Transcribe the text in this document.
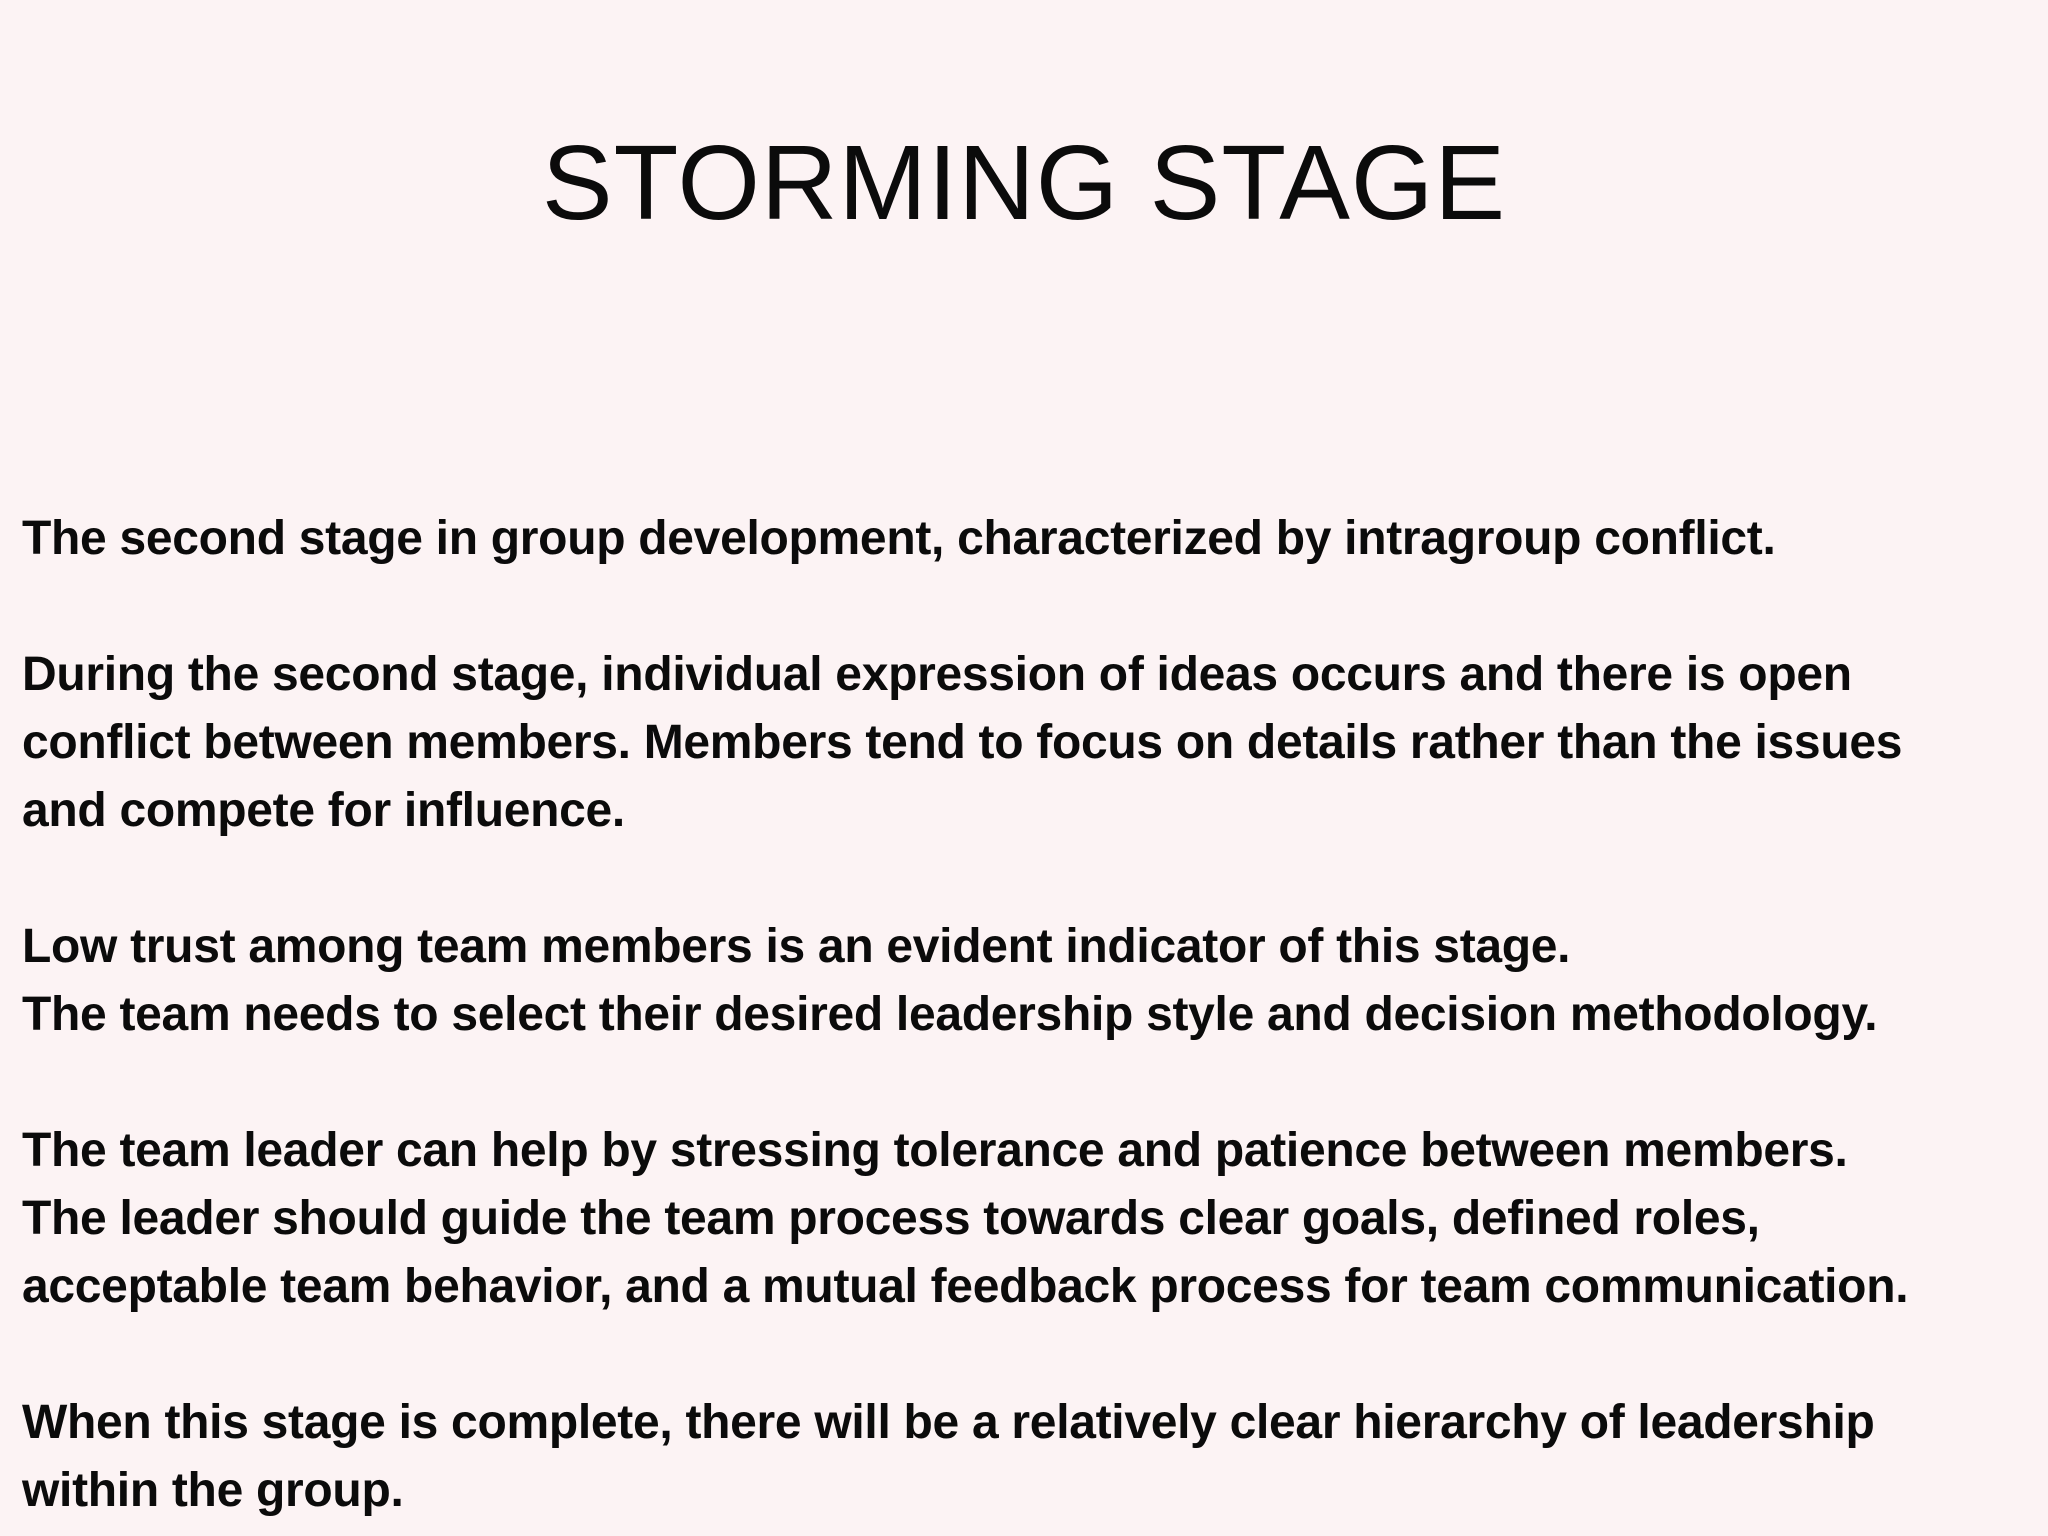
STORMING STAGE

The second stage in group development, characterized by intragroup conflict.

During the second stage, individual expression of ideas occurs and there is open
conflict between members. Members tend to focus on details rather than the issues
and compete for influence.

Low trust among team members is an evident indicator of this stage.
The team needs to select their desired leadership style and decision methodology.

The team leader can help by stressing tolerance and patience between members.
The leader should guide the team process towards clear goals, defined roles,
acceptable team behavior, and a mutual feedback process for team communication.

When this stage is complete, there will be a relatively clear hierarchy of leadership
within the group.
